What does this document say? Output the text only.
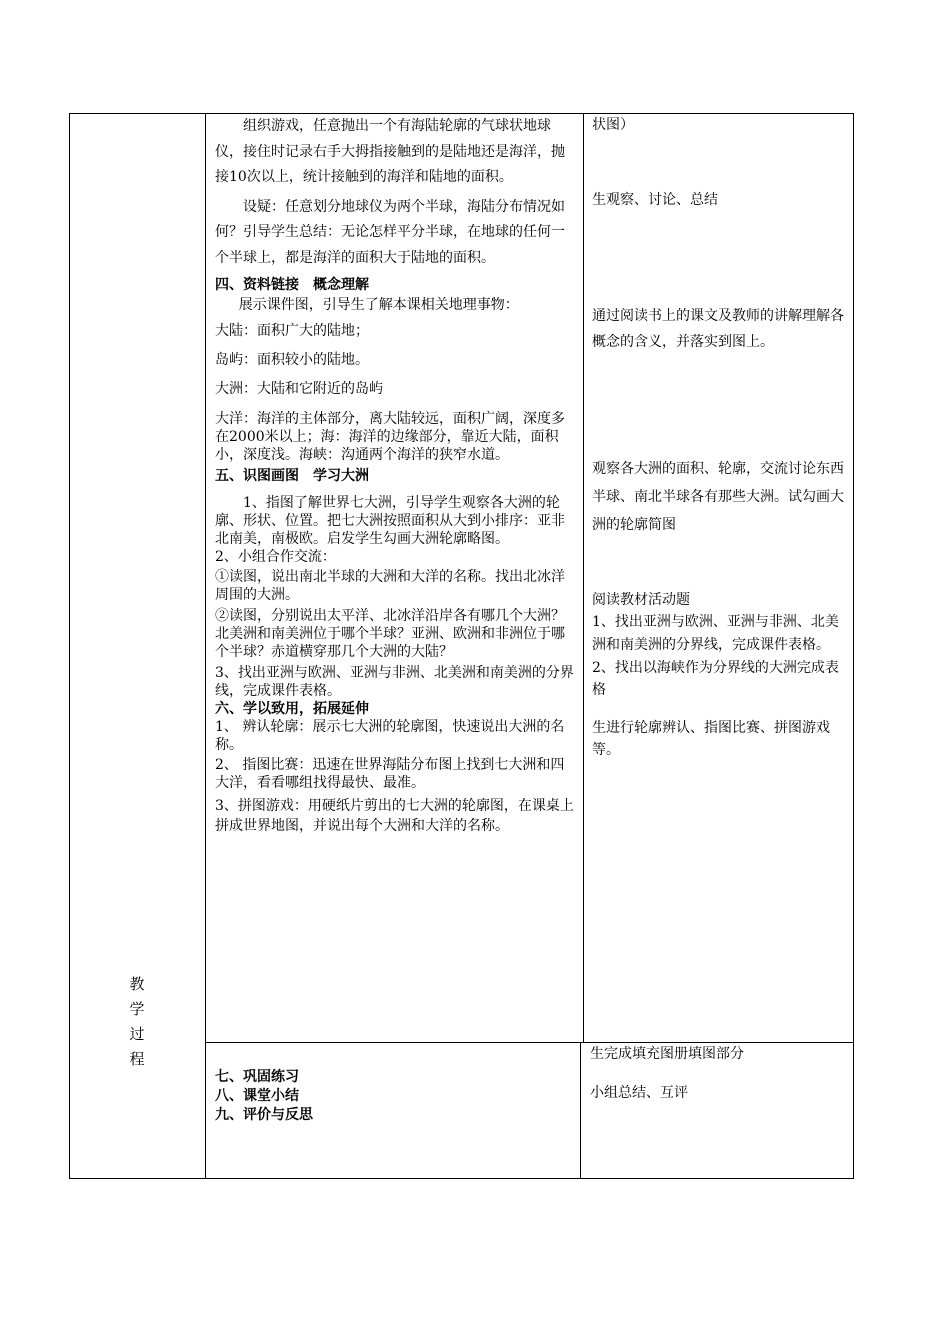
教
学
过
程

组织游戏，任意抛出一个有海陆轮廓的气球状地球仪，接住时记录右手大拇指接触到的是陆地还是海洋，抛接10次以上，统计接触到的海洋和陆地的面积。

设疑：任意划分地球仪为两个半球，海陆分布情况如何？引导学生总结：无论怎样平分半球，在地球的任何一个半球上，都是海洋的面积大于陆地的面积。

四、资料链接　概念理解

展示课件图，引导生了解本课相关地理事物：

大陆：面积广大的陆地；

岛屿：面积较小的陆地。

大洲：大陆和它附近的岛屿

大洋：海洋的主体部分，离大陆较远，面积广阔，深度多在2000米以上；海：海洋的边缘部分，靠近大陆，面积小，深度浅。海峡：沟通两个海洋的狭窄水道。

五、识图画图　学习大洲

1、指图了解世界七大洲，引导学生观察各大洲的轮廓、形状、位置。把七大洲按照面积从大到小排序：亚非北南美，南极欧。启发学生勾画大洲轮廓略图。

2、小组合作交流：

①读图，说出南北半球的大洲和大洋的名称。找出北冰洋周围的大洲。

②读图，分别说出太平洋、北冰洋沿岸各有哪几个大洲？北美洲和南美洲位于哪个半球？亚洲、欧洲和非洲位于哪个半球？赤道横穿那几个大洲的大陆？

3、找出亚洲与欧洲、亚洲与非洲、北美洲和南美洲的分界线，完成课件表格。

六、学以致用，拓展延伸

1、 辨认轮廓：展示七大洲的轮廓图，快速说出大洲的名称。

2、 指图比赛：迅速在世界海陆分布图上找到七大洲和四大洋，看看哪组找得最快、最准。

3、拼图游戏：用硬纸片剪出的七大洲的轮廓图，在课桌上拼成世界地图，并说出每个大洲和大洋的名称。

状图）

生观察、讨论、总结

通过阅读书上的课文及教师的讲解理解各概念的含义，并落实到图上。

观察各大洲的面积、轮廓，交流讨论东西半球、南北半球各有那些大洲。试勾画大洲的轮廓简图

阅读教材活动题

1、找出亚洲与欧洲、亚洲与非洲、北美洲和南美洲的分界线，完成课件表格。

2、找出以海峡作为分界线的大洲完成表格

生进行轮廓辨认、指图比赛、拼图游戏等。

七、巩固练习
八、课堂小结
九、评价与反思

生完成填充图册填图部分

小组总结、互评
